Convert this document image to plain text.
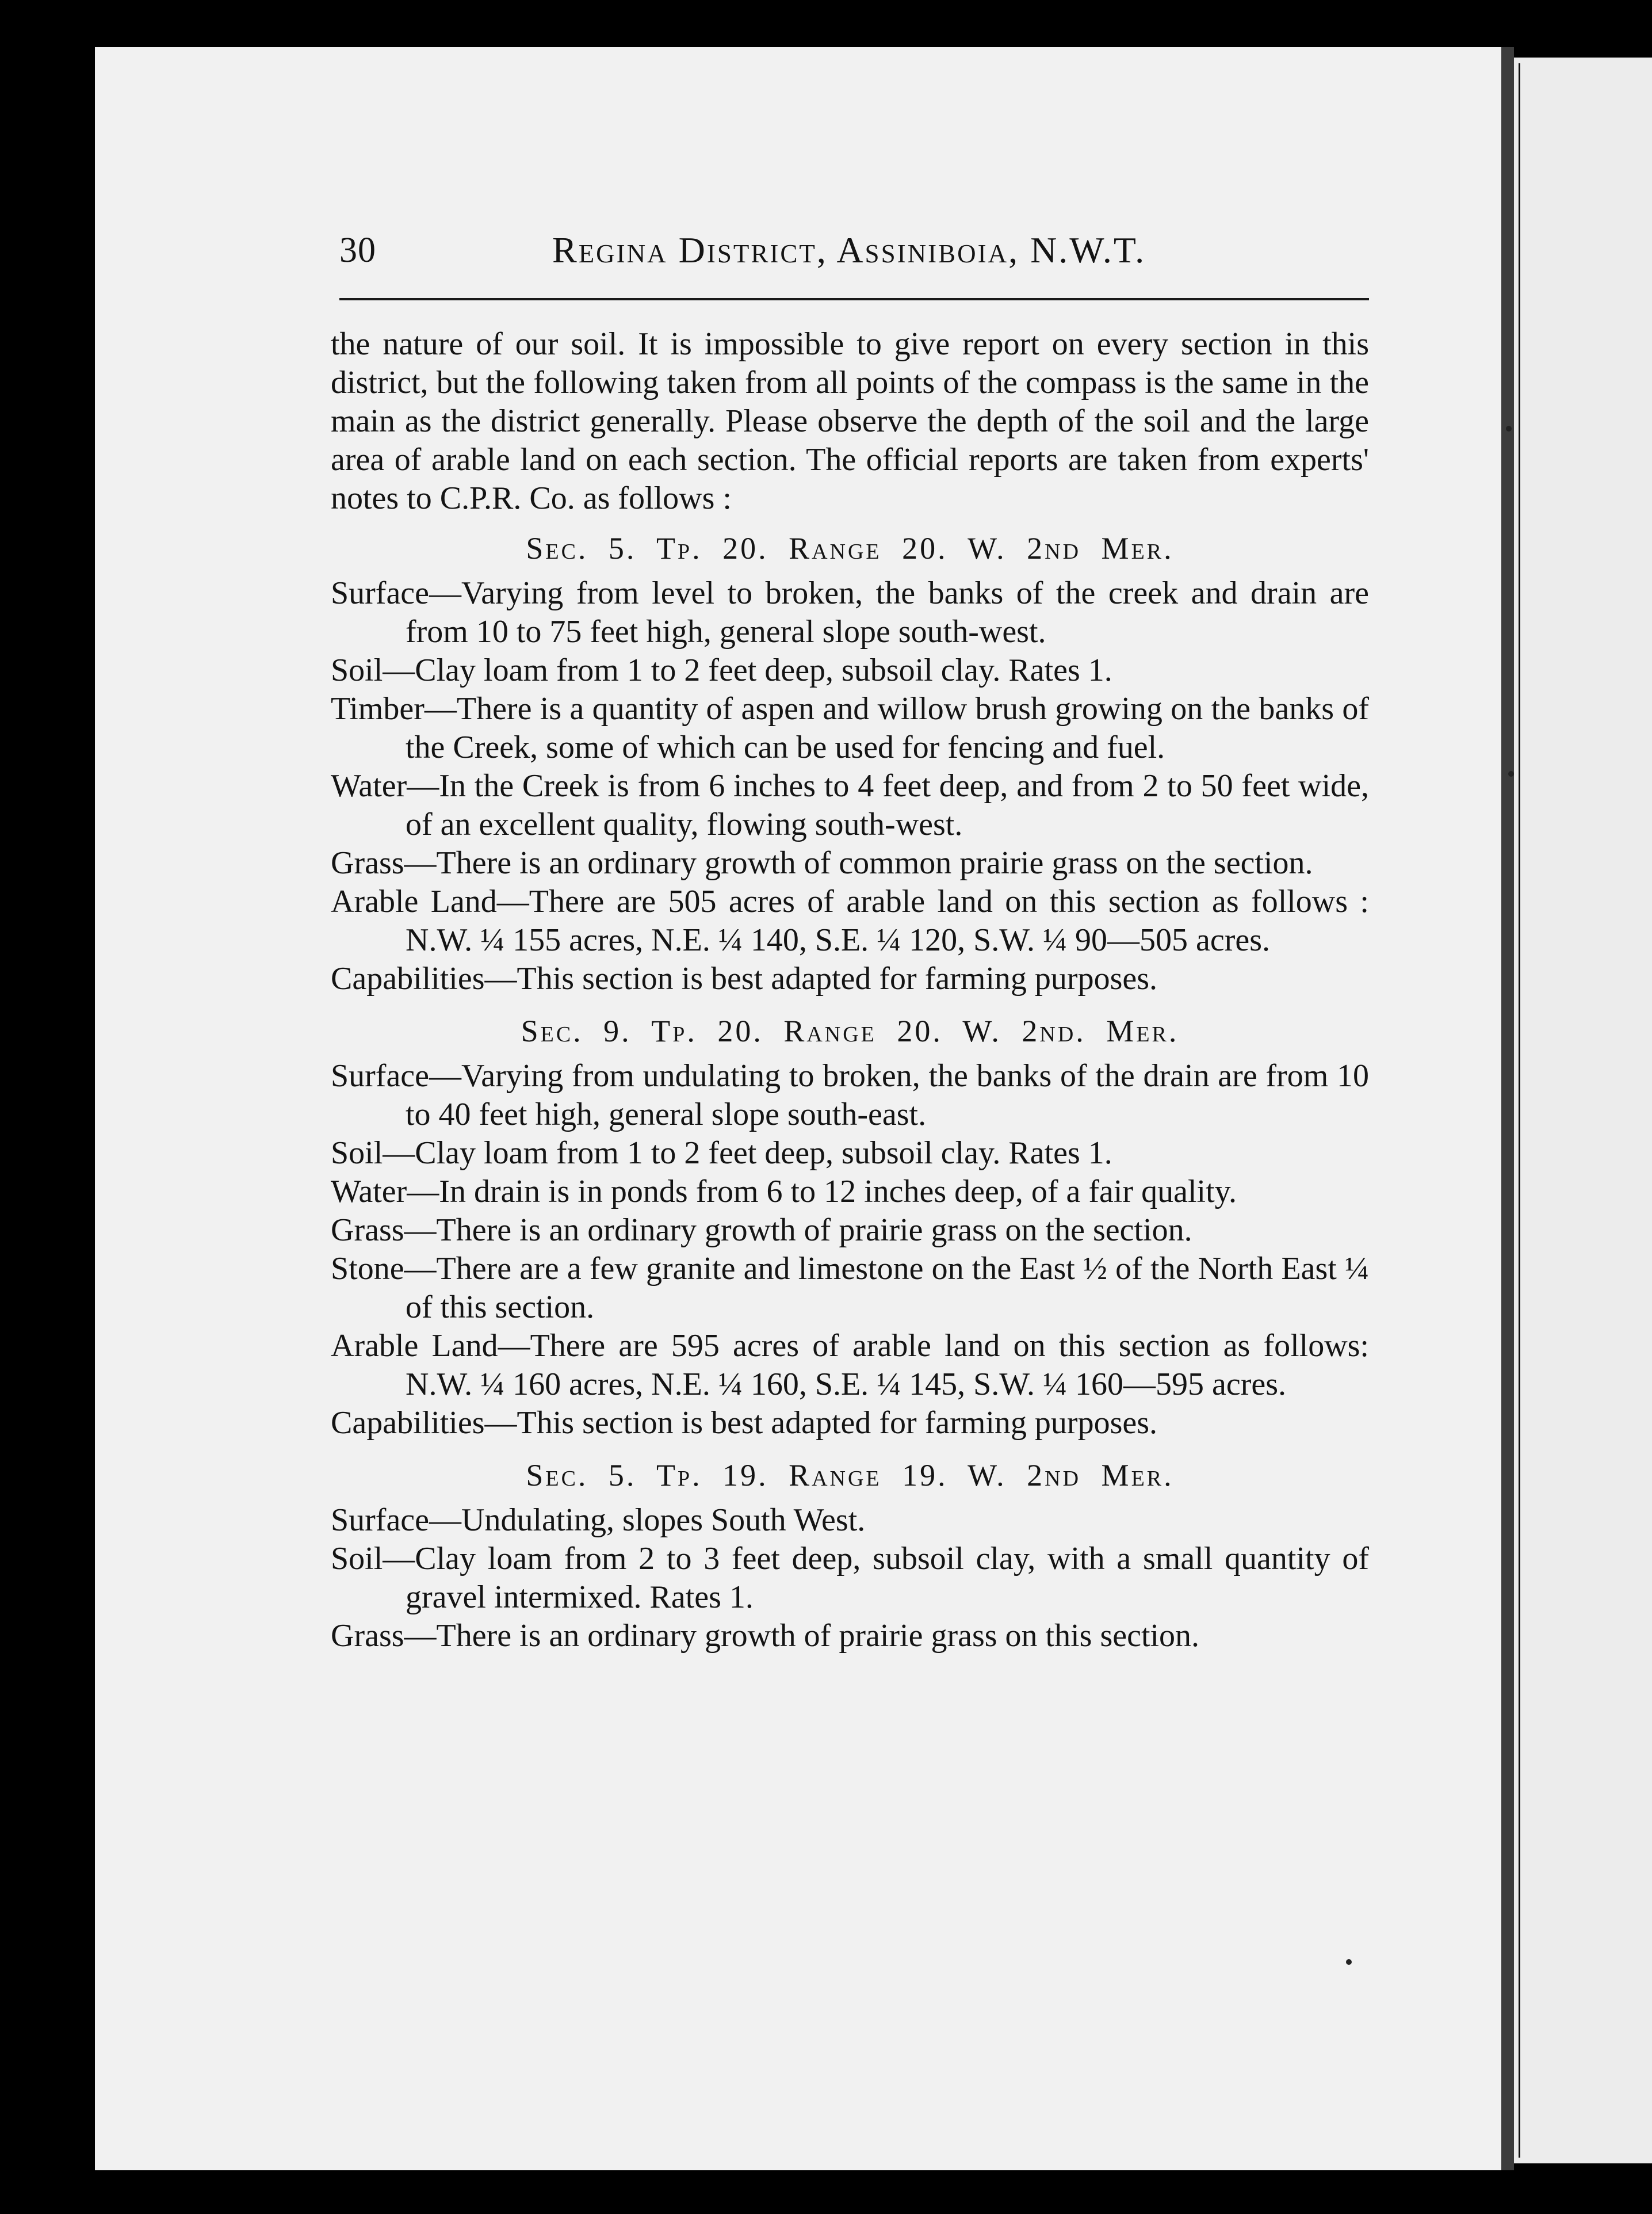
30	Regina District, Assiniboia, N.W.T.

the nature of our soil. It is impossible to give report on every section in this district, but the following taken from all points of the compass is the same in the main as the district generally. Please observe the depth of the soil and the large area of arable land on each section. The official reports are taken from experts' notes to C.P.R. Co. as follows :

Sec. 5. Tp. 20. Range 20. W. 2nd Mer.

Surface—Varying from level to broken, the banks of the creek and drain are from 10 to 75 feet high, general slope south-west.

Soil—Clay loam from 1 to 2 feet deep, subsoil clay. Rates 1.

Timber—There is a quantity of aspen and willow brush growing on the banks of the Creek, some of which can be used for fencing and fuel.

Water—In the Creek is from 6 inches to 4 feet deep, and from 2 to 50 feet wide, of an excellent quality, flowing south-west.

Grass—There is an ordinary growth of common prairie grass on the section.

Arable Land—There are 505 acres of arable land on this section as follows : N.W. ¼ 155 acres, N.E. ¼ 140, S.E. ¼ 120, S.W. ¼ 90—505 acres.

Capabilities—This section is best adapted for farming purposes.

Sec. 9. Tp. 20. Range 20. W. 2nd. Mer.

Surface—Varying from undulating to broken, the banks of the drain are from 10 to 40 feet high, general slope south-east.

Soil—Clay loam from 1 to 2 feet deep, subsoil clay. Rates 1.

Water—In drain is in ponds from 6 to 12 inches deep, of a fair quality.

Grass—There is an ordinary growth of prairie grass on the section.

Stone—There are a few granite and limestone on the East ½ of the North East ¼ of this section.

Arable Land—There are 595 acres of arable land on this section as follows: N.W. ¼ 160 acres, N.E. ¼ 160, S.E. ¼ 145, S.W. ¼ 160—595 acres.

Capabilities—This section is best adapted for farming purposes.

Sec. 5. Tp. 19. Range 19. W. 2nd Mer.

Surface—Undulating, slopes South West.

Soil—Clay loam from 2 to 3 feet deep, subsoil clay, with a small quantity of gravel intermixed. Rates 1.

Grass—There is an ordinary growth of prairie grass on this section.
